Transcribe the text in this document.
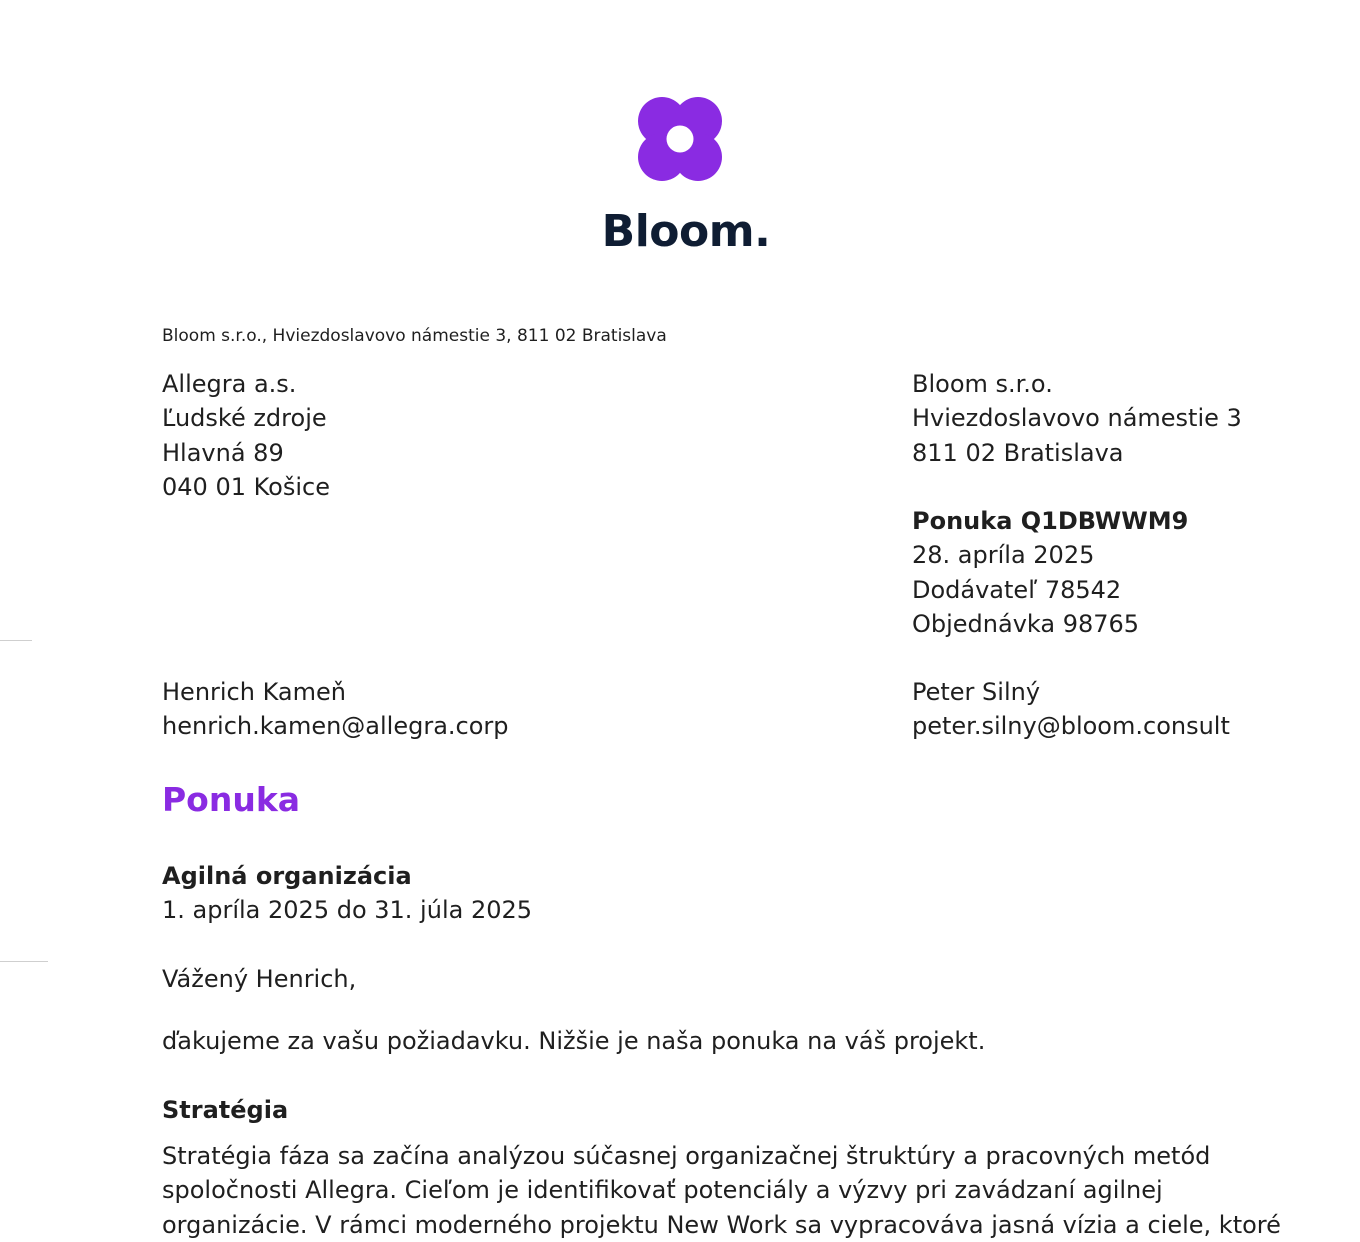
Bloom.
Bloom s.r.o., Hviezdoslavovo námestie 3, 811 02 Bratislava
Allegra a.s.
Ľudské zdroje
Hlavná 89
040 01 Košice
Bloom s.r.o.
Hviezdoslavovo námestie 3
811 02 Bratislava
Ponuka Q1DBWWM9
28. apríla 2025
Dodávateľ 78542
Objednávka 98765
Henrich Kameň
henrich.kamen@allegra.corp
Peter Silný
peter.silny@bloom.consult
Ponuka
Agilná organizácia
1. apríla 2025 do 31. júla 2025
Vážený Henrich,
ďakujeme za vašu požiadavku. Nižšie je naša ponuka na váš projekt.
Stratégia
Stratégia fáza sa začína analýzou súčasnej organizačnej štruktúry a pracovných metód
spoločnosti Allegra. Cieľom je identifikovať potenciály a výzvy pri zavádzaní agilnej
organizácie. V rámci moderného projektu New Work sa vypracováva jasná vízia a ciele, ktoré
